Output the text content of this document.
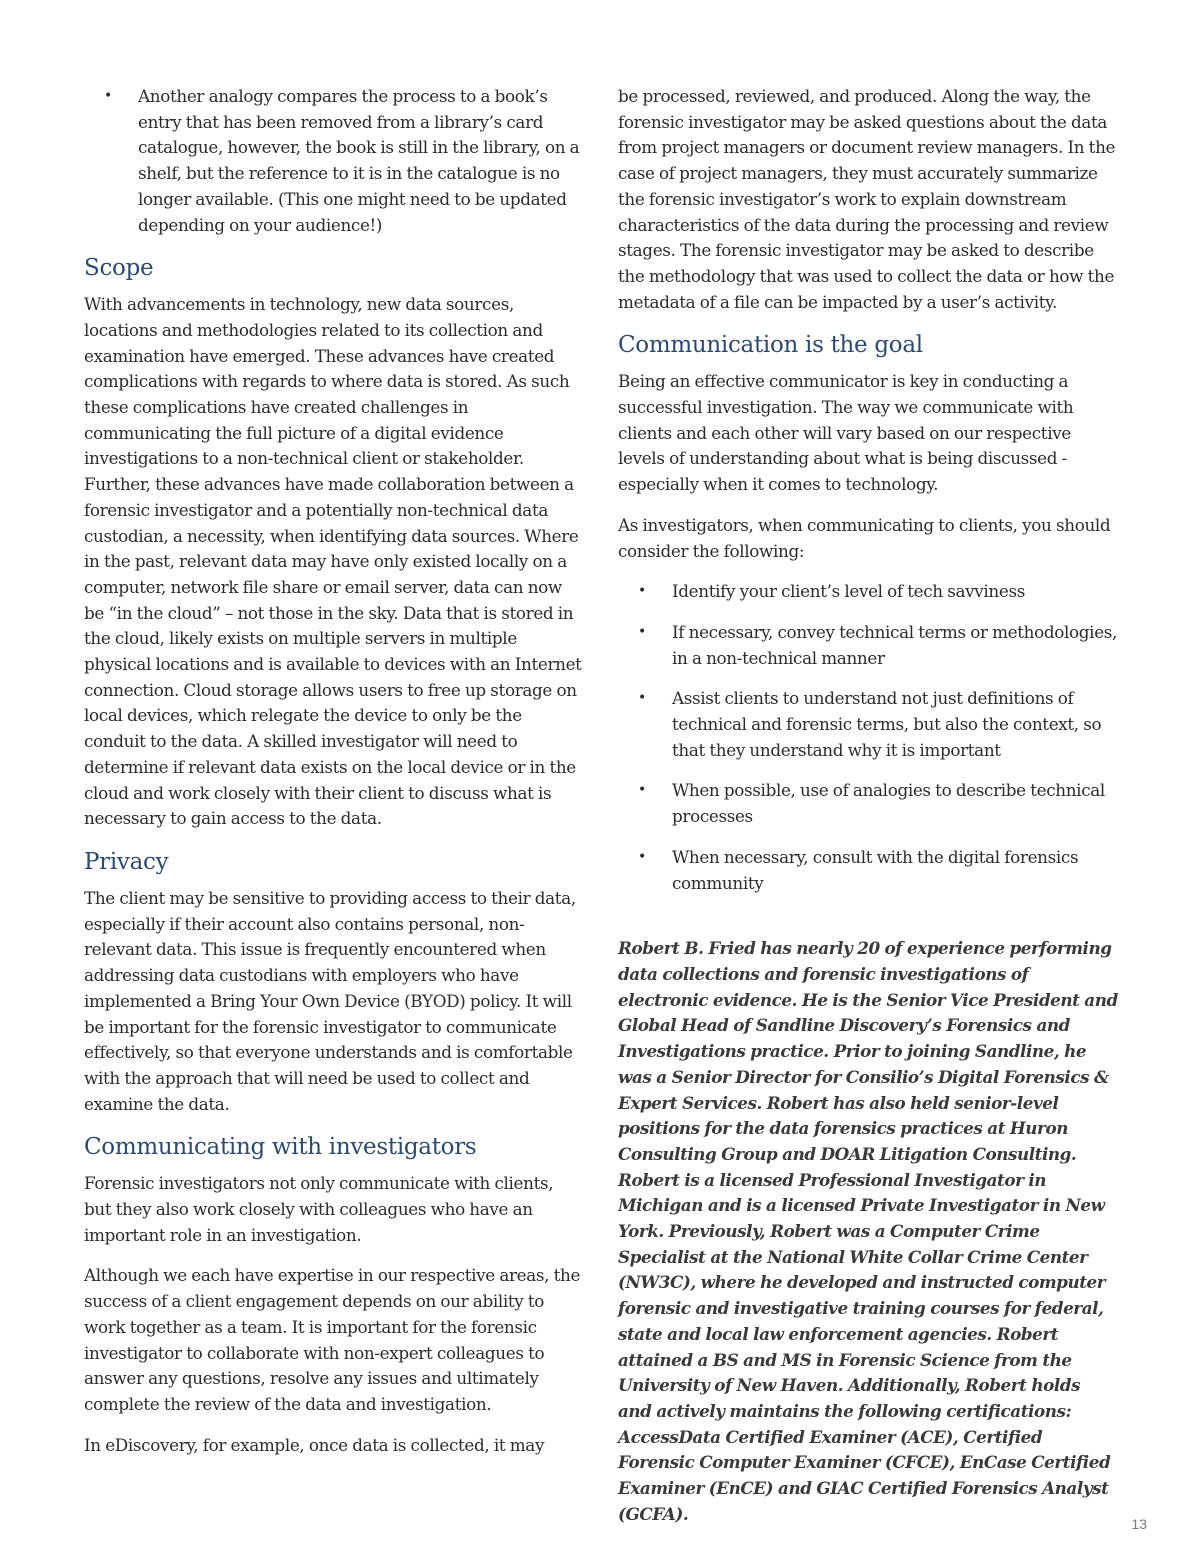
• Another analogy compares the process to a book’s entry that has been removed from a library’s card catalogue, however, the book is still in the library, on a shelf, but the reference to it is in the catalogue is no longer available. (This one might need to be updated depending on your audience!)
Scope

With advancements in technology, new data sources, locations and methodologies related to its collection and examination have emerged. These advances have created complications with regards to where data is stored. As such these complications have created challenges in communicating the full picture of a digital evidence investigations to a non-technical client or stakeholder. Further, these advances have made collaboration between a forensic investigator and a potentially non-technical data custodian, a necessity, when identifying data sources. Where in the past, relevant data may have only existed locally on a computer, network file share or email server, data can now be “in the cloud” – not those in the sky. Data that is stored in the cloud, likely exists on multiple servers in multiple physical locations and is available to devices with an Internet connection. Cloud storage allows users to free up storage on local devices, which relegate the device to only be the conduit to the data. A skilled investigator will need to determine if relevant data exists on the local device or in the cloud and work closely with their client to discuss what is necessary to gain access to the data.

Privacy

The client may be sensitive to providing access to their data, especially if their account also contains personal, non-relevant data. This issue is frequently encountered when addressing data custodians with employers who have implemented a Bring Your Own Device (BYOD) policy. It will be important for the forensic investigator to communicate effectively, so that everyone understands and is comfortable with the approach that will need be used to collect and examine the data.

Communicating with investigators

Forensic investigators not only communicate with clients, but they also work closely with colleagues who have an important role in an investigation.

Although we each have expertise in our respective areas, the success of a client engagement depends on our ability to work together as a team. It is important for the forensic investigator to collaborate with non-expert colleagues to answer any questions, resolve any issues and ultimately complete the review of the data and investigation.

In eDiscovery, for example, once data is collected, it may

be processed, reviewed, and produced. Along the way, the forensic investigator may be asked questions about the data from project managers or document review managers. In the case of project managers, they must accurately summarize the forensic investigator’s work to explain downstream characteristics of the data during the processing and review stages. The forensic investigator may be asked to describe the methodology that was used to collect the data or how the metadata of a file can be impacted by a user’s activity.

Communication is the goal

Being an effective communicator is key in conducting a successful investigation. The way we communicate with clients and each other will vary based on our respective levels of understanding about what is being discussed - especially when it comes to technology.

As investigators, when communicating to clients, you should consider the following:

• Identify your client’s level of tech savviness
• If necessary, convey technical terms or methodologies, in a non-technical manner
• Assist clients to understand not just definitions of technical and forensic terms, but also the context, so that they understand why it is important
• When possible, use of analogies to describe technical processes
• When necessary, consult with the digital forensics community

Robert B. Fried has nearly 20 of experience performing data collections and forensic investigations of electronic evidence. He is the Senior Vice President and Global Head of Sandline Discovery’s Forensics and Investigations practice. Prior to joining Sandline, he was a Senior Director for Consilio’s Digital Forensics & Expert Services. Robert has also held senior-level positions for the data forensics practices at Huron Consulting Group and DOAR Litigation Consulting. Robert is a licensed Professional Investigator in Michigan and is a licensed Private Investigator in New York. Previously, Robert was a Computer Crime Specialist at the National White Collar Crime Center (NW3C), where he developed and instructed computer forensic and investigative training courses for federal, state and local law enforcement agencies. Robert attained a BS and MS in Forensic Science from the University of New Haven. Additionally, Robert holds and actively maintains the following certifications: AccessData Certified Examiner (ACE), Certified Forensic Computer Examiner (CFCE), EnCase Certified Examiner (EnCE) and GIAC Certified Forensics Analyst (GCFA).

13
